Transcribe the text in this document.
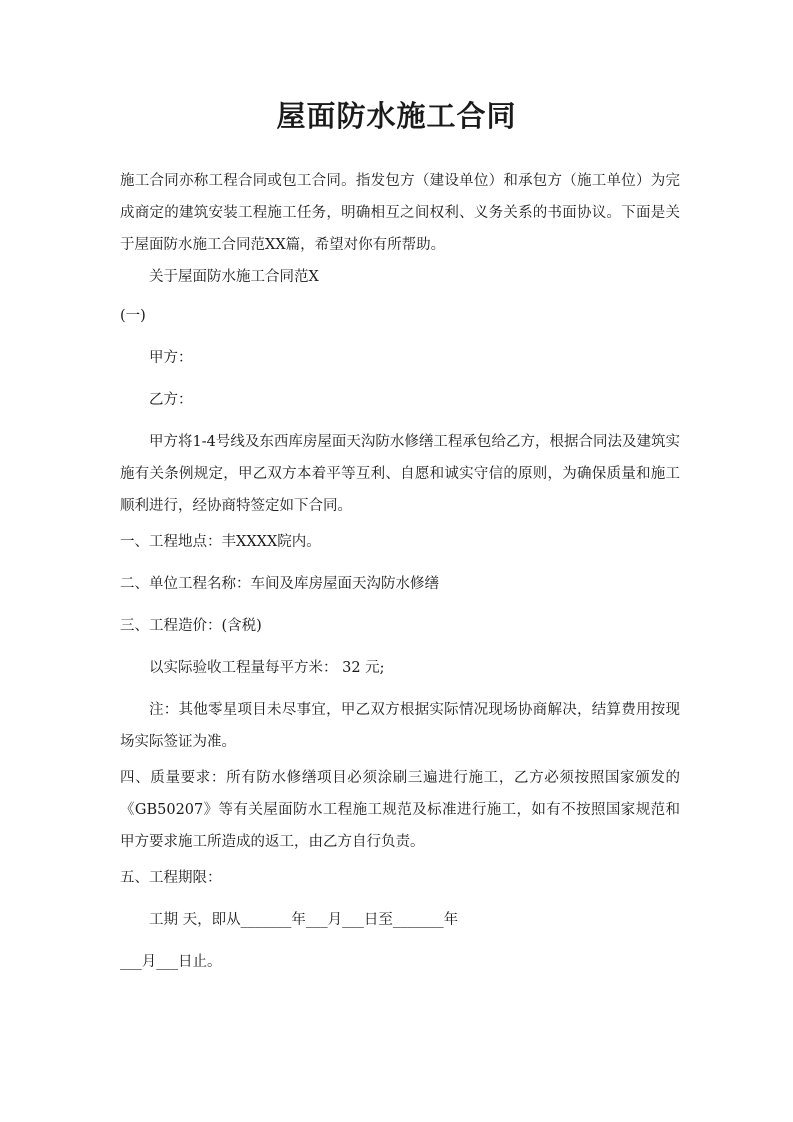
屋面防水施工合同

施工合同亦称工程合同或包工合同。指发包方（建设单位）和承包方（施工单位）为完成商定的建筑安装工程施工任务，明确相互之间权利、义务关系的书面协议。下面是关于屋面防水施工合同范XX篇，希望对你有所帮助。

关于屋面防水施工合同范X

(一)

甲方：

乙方：

甲方将1-4号线及东西库房屋面天沟防水修缮工程承包给乙方，根据合同法及建筑实施有关条例规定，甲乙双方本着平等互利、自愿和诚实守信的原则，为确保质量和施工顺利进行，经协商特签定如下合同。

一、工程地点：丰XXXX院内。

二、单位工程名称：车间及库房屋面天沟防水修缮

三、工程造价：(含税)

以实际验收工程量每平方米： 32 元;

注：其他零星项目未尽事宜，甲乙双方根据实际情况现场协商解决，结算费用按现场实际签证为准。

四、质量要求：所有防水修缮项目必须涂刷三遍进行施工，乙方必须按照国家颁发的《GB50207》等有关屋面防水工程施工规范及标准进行施工，如有不按照国家规范和甲方要求施工所造成的返工，由乙方自行负责。

五、工程期限：

工期 天，即从_______年___月___日至_______年

___月___日止。
